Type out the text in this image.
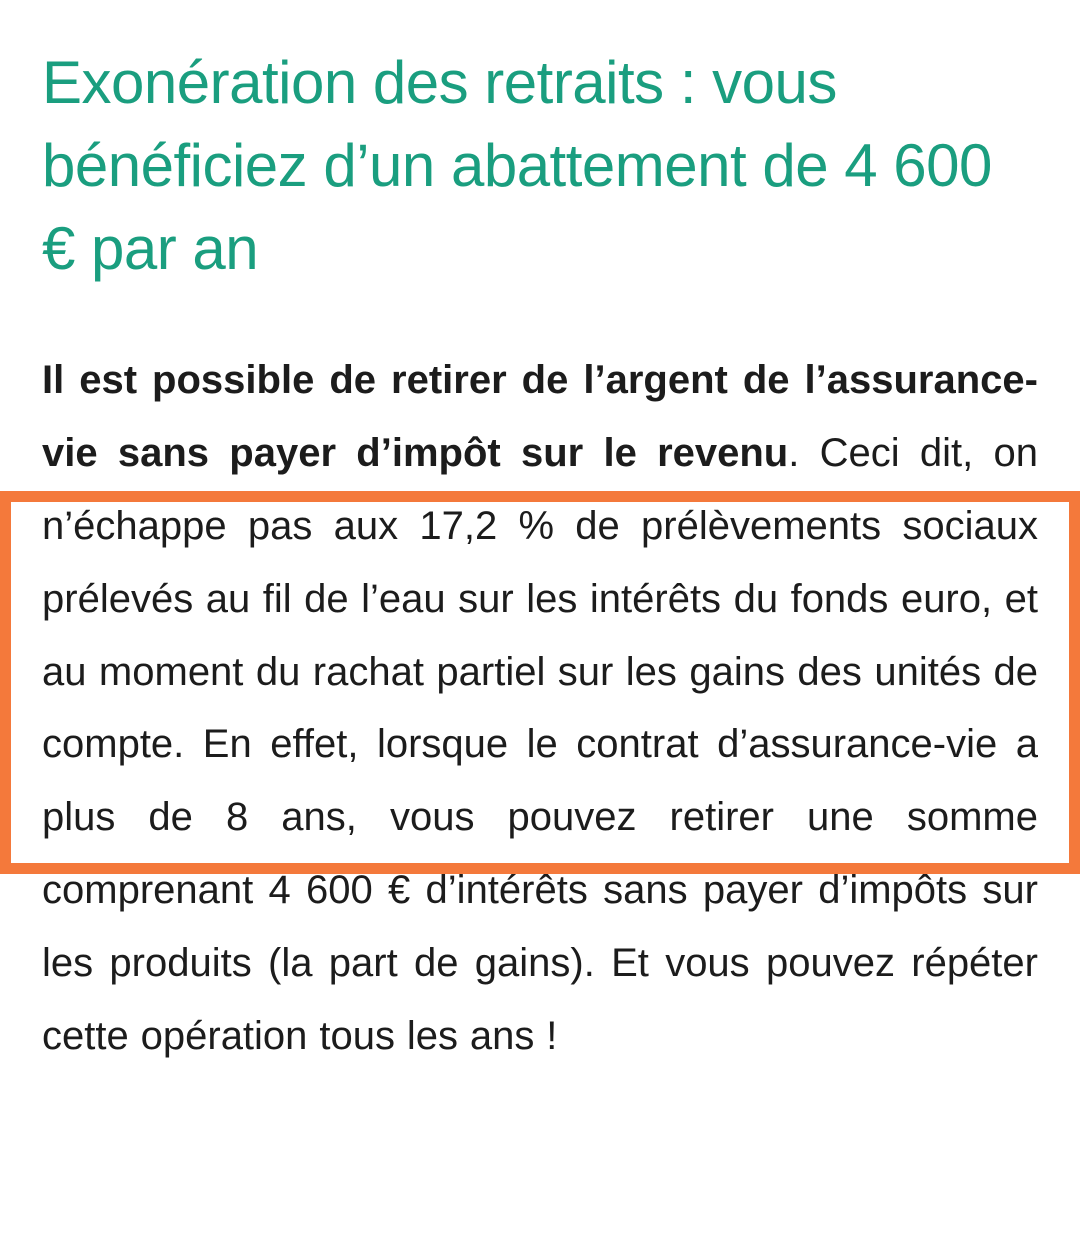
Exonération des retraits : vous bénéficiez d’un abattement de 4 600 € par an

Il est possible de retirer de l’argent de l’assurance-vie sans payer d’impôt sur le revenu. Ceci dit, on n’échappe pas aux 17,2 % de prélèvements sociaux prélevés au fil de l’eau sur les intérêts du fonds euro, et au moment du rachat partiel sur les gains des unités de compte. En effet, lorsque le contrat d’assurance-vie a plus de 8 ans, vous pouvez retirer une somme comprenant 4 600 € d’intérêts sans payer d’impôts sur les produits (la part de gains). Et vous pouvez répéter cette opération tous les ans !
